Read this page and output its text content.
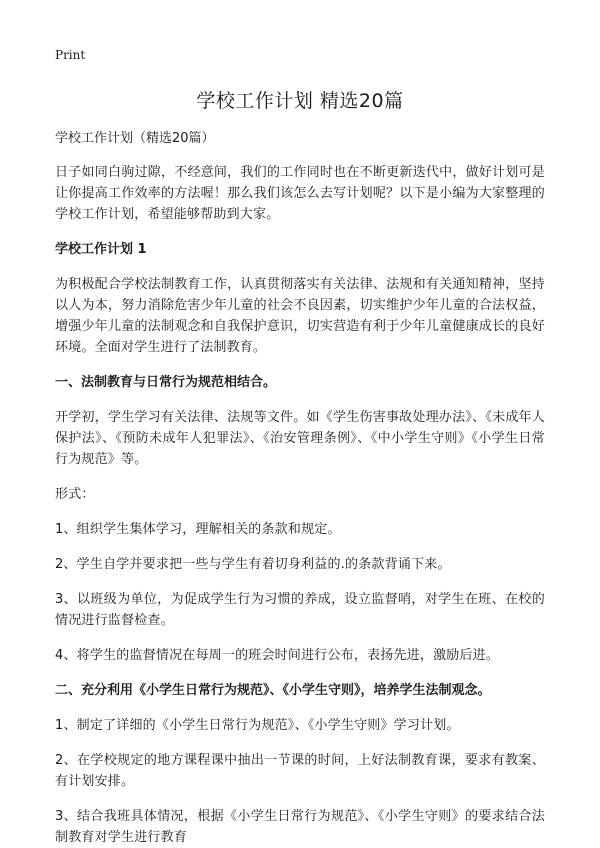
Print
学校工作计划 精选20篇
学校工作计划（精选20篇）

日子如同白驹过隙，不经意间，我们的工作同时也在不断更新迭代中，做好计划可是让你提高工作效率的方法喔！那么我们该怎么去写计划呢？以下是小编为大家整理的学校工作计划，希望能够帮助到大家。

学校工作计划 1

为积极配合学校法制教育工作，认真贯彻落实有关法律、法规和有关通知精神，坚持以人为本，努力消除危害少年儿童的社会不良因素，切实维护少年儿童的合法权益，增强少年儿童的法制观念和自我保护意识，切实营造有利于少年儿童健康成长的良好环境。全面对学生进行了法制教育。

一、法制教育与日常行为规范相结合。

开学初，学生学习有关法律、法规等文件。如《学生伤害事故处理办法》、《未成年人保护法》、《预防未成年人犯罪法》、《治安管理条例》、《中小学生守则》《小学生日常行为规范》等。

形式：

1、组织学生集体学习，理解相关的条款和规定。

2、学生自学并要求把一些与学生有着切身利益的.的条款背诵下来。

3、以班级为单位，为促成学生行为习惯的养成，设立监督哨，对学生在班、在校的情况进行监督检查。

4、将学生的监督情况在每周一的班会时间进行公布，表扬先进，激励后进。

二、充分利用《小学生日常行为规范》、《小学生守则》，培养学生法制观念。

1、制定了详细的《小学生日常行为规范》、《小学生守则》学习计划。

2、在学校规定的地方课程课中抽出一节课的时间，上好法制教育课，要求有教案、有计划安排。

3、结合我班具体情况，根据《小学生日常行为规范》、《小学生守则》的要求结合法制教育对学生进行教育
